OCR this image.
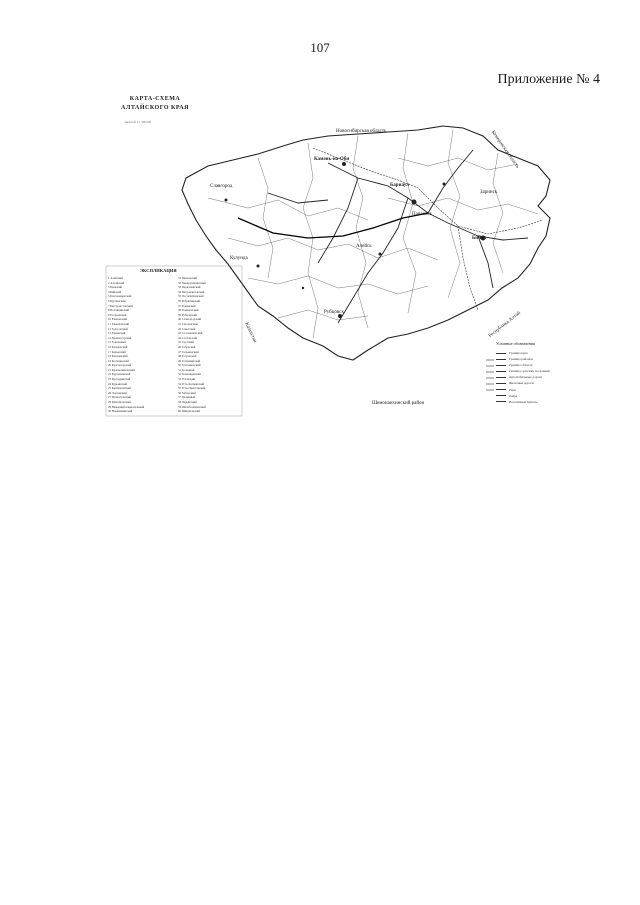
107
Приложение № 4
КАРТА-СХЕМА
АЛТАЙСКОГО КРАЯ
масштаб 1:1 500 000
Новосибирская область	Кемеровская область
Казахстан	Республика Алтай
Шемонаихинский район
Камень-на-Оби
Барнаул
Бийск
Рубцовск
Алейск
Заринск
Славгород
Кулунда
Павловск
ЭКСПЛИКАЦИЯ
1 Алейский
2 Алтайский
3 Баевский
4 Бийский
5 Благовещенский
6 Бурлинский
7 Быстроистокский
8 Волчихинский
9 Егорьевский
10 Ельцовский
11 Завьяловский
12 Залесовский
13 Заринский
14 Змеиногорский
15 Зональный
16 Калманский
17 Каменский
18 Ключевский
19 Косихинский
20 Красногорский
21 Краснощёковский
22 Крутихинский
23 Кулундинский
24 Курьинский
25 Кытмановский
26 Локтевский
27 Мамонтовский
28 Михайловский
29 Немецкий национальный
30 Новичихинский
31 Павловский
32 Панкрушихинский
33 Первомайский
34 Петропавловский
35 Поспелихинский
36 Ребрихинский
37 Родинский
38 Романовский
39 Рубцовский
40 Славгородский
41 Смоленский
42 Советский
43 Солонешенский
44 Солтонский
45 Суетский
46 Табунский
47 Тальменский
48 Тогульский
49 Топчихинский
50 Третьяковский
51 Троицкий
52 Тюменцевский
53 Угловский
54 Усть-Калманский
55 Усть-Пристанский
56 Хабарский
57 Целинный
58 Чарышский
59 Шелаболихинский
60 Шипуновский
Условные обозначения
Граница края
Граница районов
Граница области
Граница сельских поселений
Автомобильные дороги
Железные дороги
Реки
Озёра
Населённые пункты
